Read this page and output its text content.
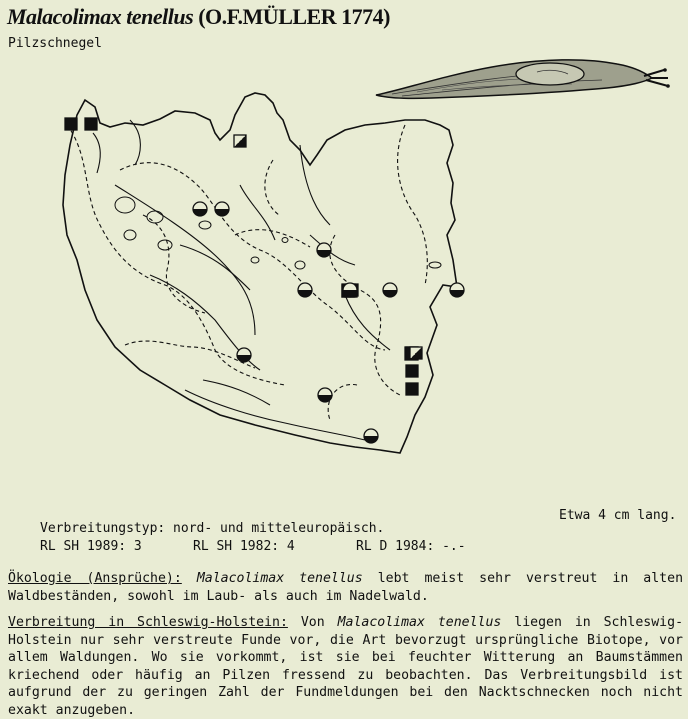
Malacolimax tenellus (O.F.MÜLLER 1774)
Pilzschnegel
Etwa 4 cm lang.
Verbreitungstyp: nord- und mitteleuropäisch.
RL SH 1989: 3	RL SH 1982: 4	RL D 1984: -.-
Ökologie (Ansprüche): Malacolimax tenellus lebt meist sehr verstreut in alten Waldbeständen, sowohl im Laub- als auch im Nadelwald.
Verbreitung in Schleswig-Holstein: Von Malacolimax tenellus liegen in Schleswig-Holstein nur sehr verstreute Funde vor, die Art bevorzugt ursprüngliche Biotope, vor allem Waldungen. Wo sie vorkommt, ist sie bei feuchter Witterung an Baumstämmen kriechend oder häufig an Pilzen fressend zu beobachten. Das Verbreitungsbild ist aufgrund der zu geringen Zahl der Fundmeldungen bei den Nacktschnecken noch nicht exakt anzugeben.
